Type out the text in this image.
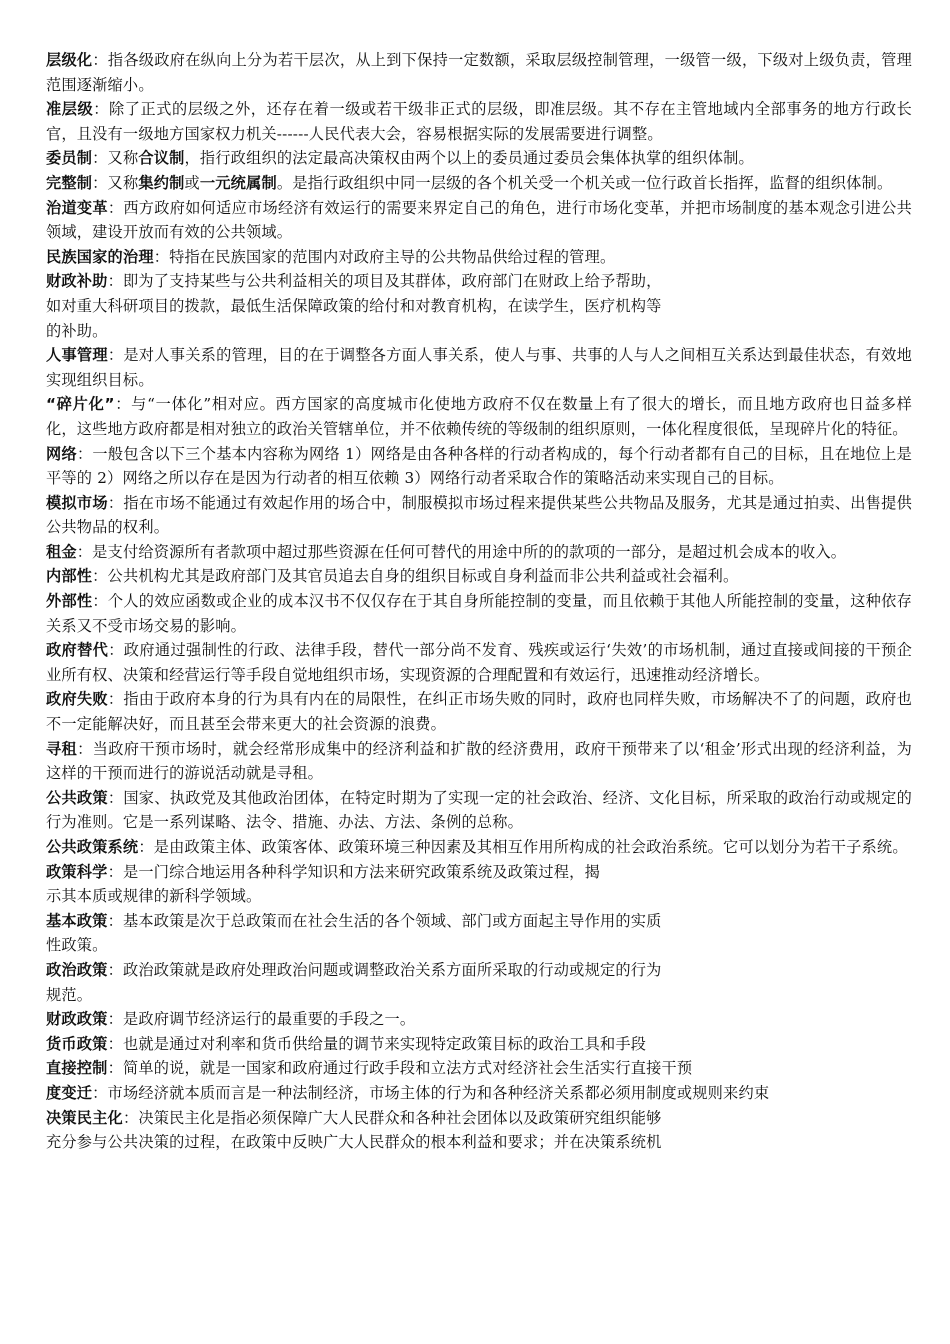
层级化：指各级政府在纵向上分为若干层次，从上到下保持一定数额，采取层级控制管理，一级管一级，下级对上级负责，管理范围逐渐缩小。
准层级：除了正式的层级之外，还存在着一级或若干级非正式的层级，即准层级。其不存在主管地域内全部事务的地方行政长官，且没有一级地方国家权力机关------人民代表大会，容易根据实际的发展需要进行调整。
委员制：又称合议制，指行政组织的法定最高决策权由两个以上的委员通过委员会集体执掌的组织体制。
完整制：又称集约制或一元统属制。是指行政组织中同一层级的各个机关受一个机关或一位行政首长指挥，监督的组织体制。
治道变革：西方政府如何适应市场经济有效运行的需要来界定自己的角色，进行市场化变革，并把市场制度的基本观念引进公共领域，建设开放而有效的公共领域。
民族国家的治理：特指在民族国家的范围内对政府主导的公共物品供给过程的管理。
财政补助：即为了支持某些与公共利益相关的项目及其群体，政府部门在财政上给予帮助，
如对重大科研项目的拨款，最低生活保障政策的给付和对教育机构，在读学生，医疗机构等
的补助。
人事管理：是对人事关系的管理，目的在于调整各方面人事关系，使人与事、共事的人与人之间相互关系达到最佳状态，有效地实现组织目标。
“碎片化”：与“一体化”相对应。西方国家的高度城市化使地方政府不仅在数量上有了很大的增长，而且地方政府也日益多样化，这些地方政府都是相对独立的政治关管辖单位，并不依赖传统的等级制的组织原则，一体化程度很低，呈现碎片化的特征。
网络：一般包含以下三个基本内容称为网络 1）网络是由各种各样的行动者构成的，每个行动者都有自己的目标，且在地位上是平等的 2）网络之所以存在是因为行动者的相互依赖 3）网络行动者采取合作的策略活动来实现自己的目标。
模拟市场：指在市场不能通过有效起作用的场合中，制服模拟市场过程来提供某些公共物品及服务，尤其是通过拍卖、出售提供公共物品的权利。
租金：是支付给资源所有者款项中超过那些资源在任何可替代的用途中所的的款项的一部分，是超过机会成本的收入。
内部性：公共机构尤其是政府部门及其官员追去自身的组织目标或自身利益而非公共利益或社会福利。
外部性：个人的效应函数或企业的成本汉书不仅仅存在于其自身所能控制的变量，而且依赖于其他人所能控制的变量，这种依存关系又不受市场交易的影响。
政府替代：政府通过强制性的行政、法律手段，替代一部分尚不发育、残疾或运行‘失效’的市场机制，通过直接或间接的干预企业所有权、决策和经营运行等手段自觉地组织市场，实现资源的合理配置和有效运行，迅速推动经济增长。
政府失败：指由于政府本身的行为具有内在的局限性，在纠正市场失败的同时，政府也同样失败，市场解决不了的问题，政府也不一定能解决好，而且甚至会带来更大的社会资源的浪费。
寻租：当政府干预市场时，就会经常形成集中的经济利益和扩散的经济费用，政府干预带来了以‘租金’形式出现的经济利益，为这样的干预而进行的游说活动就是寻租。
公共政策：国家、执政党及其他政治团体，在特定时期为了实现一定的社会政治、经济、文化目标，所采取的政治行动或规定的行为准则。它是一系列谋略、法令、措施、办法、方法、条例的总称。
公共政策系统：是由政策主体、政策客体、政策环境三种因素及其相互作用所构成的社会政治系统。它可以划分为若干子系统。
政策科学：是一门综合地运用各种科学知识和方法来研究政策系统及政策过程，揭
示其本质或规律的新科学领域。
基本政策：基本政策是次于总政策而在社会生活的各个领域、部门或方面起主导作用的实质
性政策。
政治政策：政治政策就是政府处理政治问题或调整政治关系方面所采取的行动或规定的行为
规范。
财政政策：是政府调节经济运行的最重要的手段之一。
货币政策：也就是通过对利率和货币供给量的调节来实现特定政策目标的政治工具和手段
直接控制：简单的说，就是一国家和政府通过行政手段和立法方式对经济社会生活实行直接干预
度变迁：市场经济就本质而言是一种法制经济，市场主体的行为和各种经济关系都必须用制度或规则来约束
决策民主化：决策民主化是指必须保障广大人民群众和各种社会团体以及政策研究组织能够
充分参与公共决策的过程，在政策中反映广大人民群众的根本利益和要求；并在决策系统机
